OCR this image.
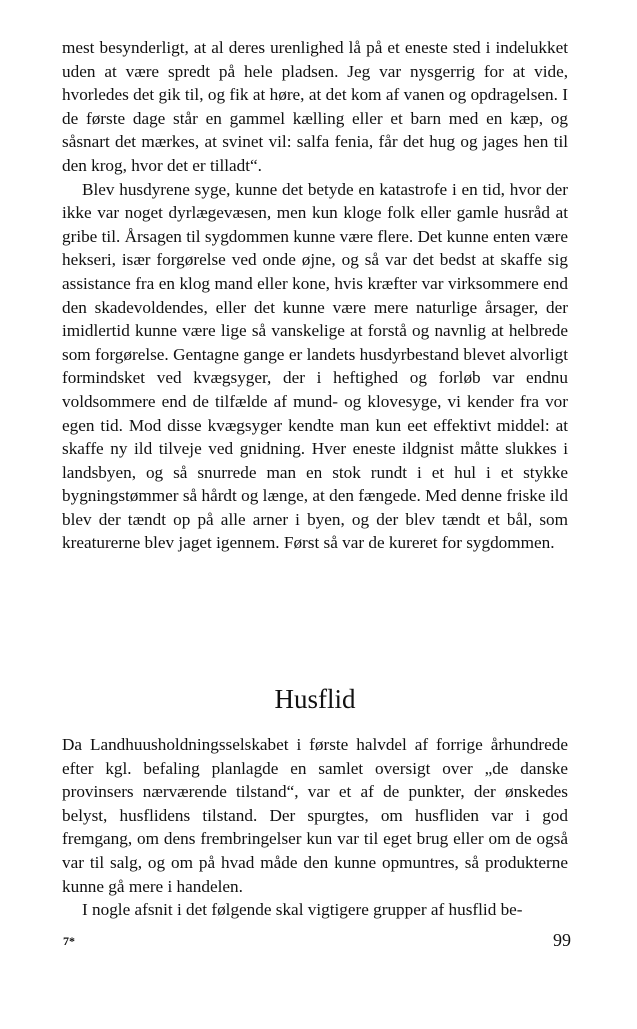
mest besynderligt, at al deres urenlighed lå på et eneste sted i indelukket uden at være spredt på hele pladsen. Jeg var nysgerrig for at vide, hvorledes det gik til, og fik at høre, at det kom af vanen og opdragelsen. I de første dage står en gammel kælling eller et barn med en kæp, og såsnart det mærkes, at svinet vil: salfa fenia, får det hug og jages hen til den krog, hvor det er tilladt“.

Blev husdyrene syge, kunne det betyde en katastrofe i en tid, hvor der ikke var noget dyrlægevæsen, men kun kloge folk eller gamle husråd at gribe til. Årsagen til sygdommen kunne være flere. Det kunne enten være hekseri, især forgørelse ved onde øjne, og så var det bedst at skaffe sig assistance fra en klog mand eller kone, hvis kræfter var virksommere end den skadevoldendes, eller det kunne være mere naturlige årsager, der imidlertid kunne være lige så vanskelige at forstå og navnlig at helbrede som forgørelse. Gentagne gange er landets husdyrbestand blevet alvorligt formindsket ved kvægsyger, der i heftighed og forløb var endnu voldsommere end de tilfælde af mund- og klovesyge, vi kender fra vor egen tid. Mod disse kvægsyger kendte man kun eet effektivt middel: at skaffe ny ild tilveje ved gnidning. Hver eneste ildgnist måtte slukkes i landsbyen, og så snurrede man en stok rundt i et hul i et stykke bygningstømmer så hårdt og længe, at den fængede. Med denne friske ild blev der tændt op på alle arner i byen, og der blev tændt et bål, som kreaturerne blev jaget igennem. Først så var de kureret for sygdommen.

Husflid

Da Landhuusholdningsselskabet i første halvdel af forrige århundrede efter kgl. befaling planlagde en samlet oversigt over „de danske provinsers nærværende tilstand“, var et af de punkter, der ønskedes belyst, husflidens tilstand. Der spurgtes, om husfliden var i god fremgang, om dens frembringelser kun var til eget brug eller om de også var til salg, og om på hvad måde den kunne opmuntres, så produkterne kunne gå mere i handelen.

I nogle afsnit i det følgende skal vigtigere grupper af husflid be-

7*	99
